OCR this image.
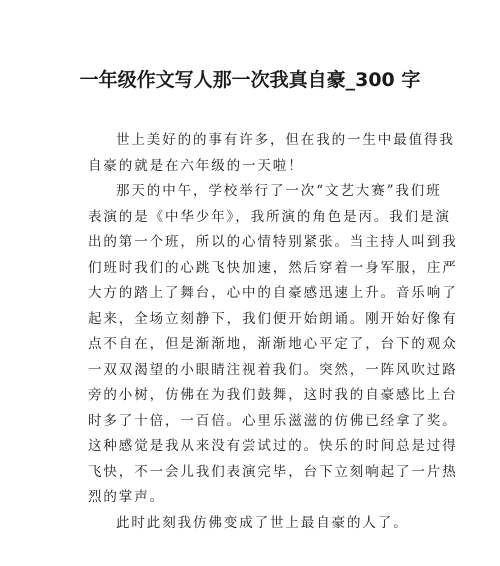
一年级作文写人那一次我真自豪_300 字
世上美好的的事有许多，但在我的一生中最值得我
自豪的就是在六年级的一天啦！
那天的中午，学校举行了一次“文艺大赛”我们班
表演的是《中华少年》，我所演的角色是丙。我们是演
出的第一个班，所以的心情特别紧张。当主持人叫到我
们班时我们的心跳飞快加速，然后穿着一身军服，庄严
大方的踏上了舞台，心中的自豪感迅速上升。音乐响了
起来，全场立刻静下，我们便开始朗诵。刚开始好像有
点不自在，但是渐渐地，渐渐地心平定了，台下的观众
一双双渴望的小眼睛注视着我们。突然，一阵风吹过路
旁的小树，仿佛在为我们鼓舞，这时我的自豪感比上台
时多了十倍，一百倍。心里乐滋滋的仿佛已经拿了奖。
这种感觉是我从来没有尝试过的。快乐的时间总是过得
飞快，不一会儿我们表演完毕，台下立刻响起了一片热
烈的掌声。
此时此刻我仿佛变成了世上最自豪的人了。
